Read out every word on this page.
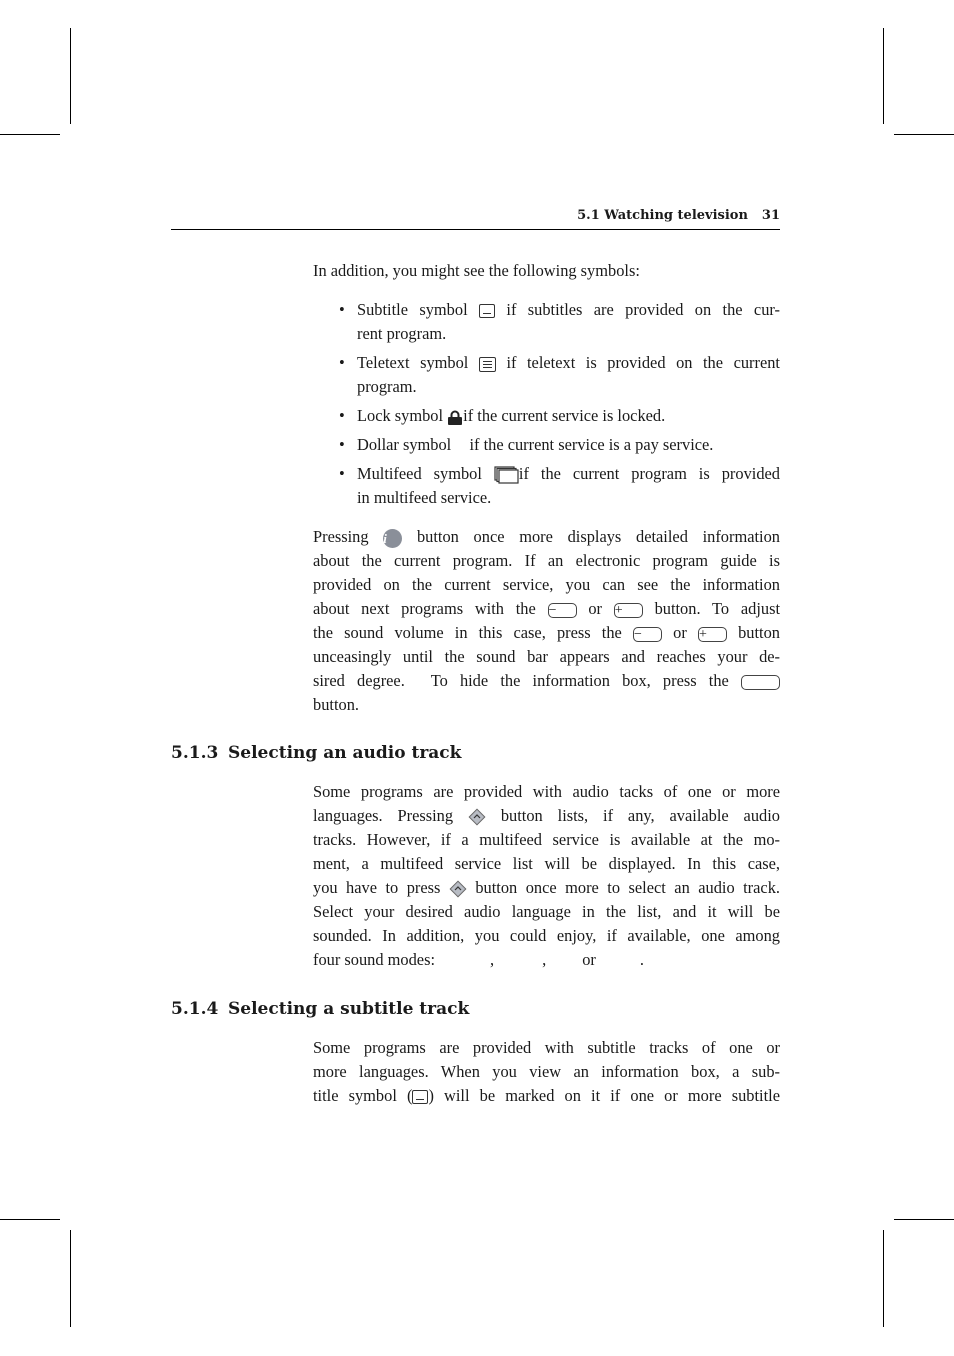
5.1 Watching television 31
In addition, you might see the following symbols:
• Subtitle symbol if subtitles are provided on the cur-
rent program.
• Teletext symbol if teletext is provided on the current
program.
• Lock symbol if the current service is locked.
• Dollar symbol if the current service is a pay service.
• Multifeed symbol if the current program is provided
in multifeed service.
Pressing i button once more displays detailed information
about the current program. If an electronic program guide is
provided on the current service, you can see the information
about next programs with the − or + button. To adjust
the sound volume in this case, press the − or + button
unceasingly until the sound bar appears and reaches your de-
sired degree. To hide the information box, press the
button.
5.1.3 Selecting an audio track
Some programs are provided with audio tacks of one or more
languages. Pressing	button lists, if any, available audio
tracks. However, if a multifeed service is available at the mo-
ment, a multifeed service list will be displayed. In this case,
you have to press button once more to select an audio track.
Select your desired audio language in the list, and it will be
sounded. In addition, you could enjoy, if available, one among
four sound modes:	,	, or	.
5.1.4 Selecting a subtitle track
Some programs are provided with subtitle tracks of one or
more languages. When you view an information box, a sub-
title symbol ( ) will be marked on it if one or more subtitle
